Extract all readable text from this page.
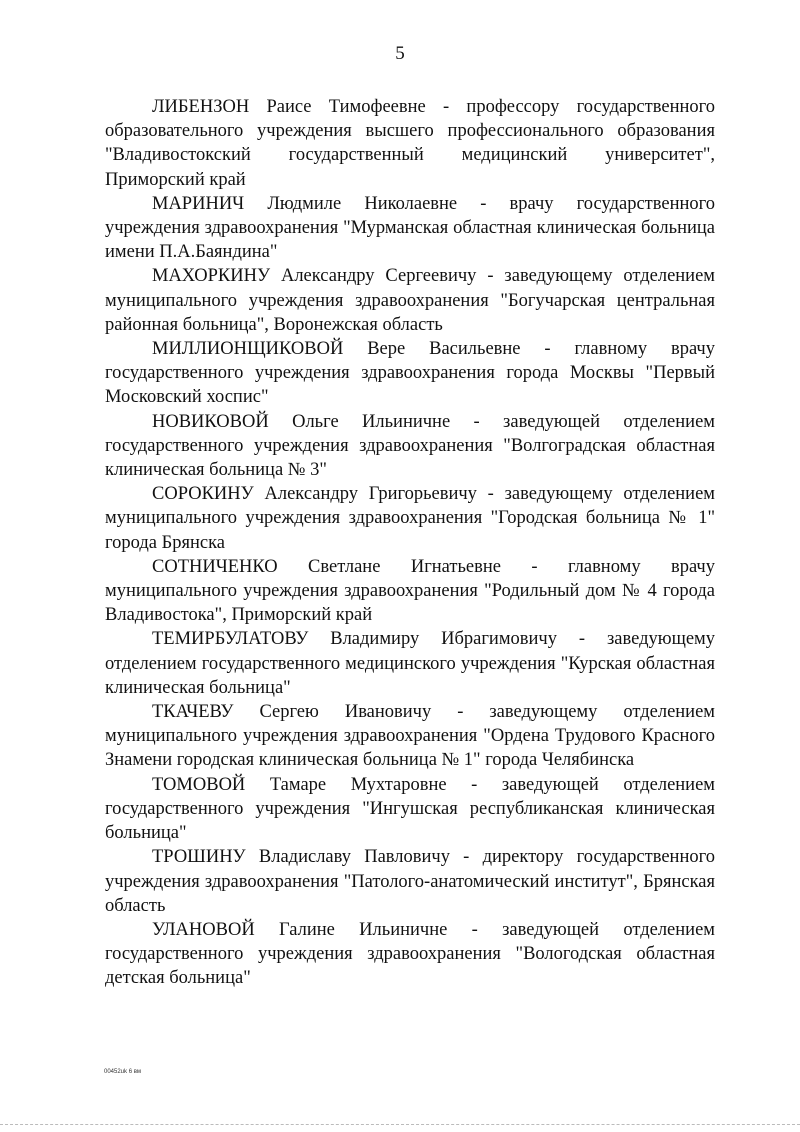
5

ЛИБЕНЗОН Раисе Тимофеевне - профессору государственного образовательного учреждения высшего профессионального образования "Владивостокский государственный медицинский университет", Приморский край

МАРИНИЧ Людмиле Николаевне - врачу государственного учреждения здравоохранения "Мурманская областная клиническая больница имени П.А.Баяндина"

МАХОРКИНУ Александру Сергеевичу - заведующему отделением муниципального учреждения здравоохранения "Богучарская центральная районная больница", Воронежская область

МИЛЛИОНЩИКОВОЙ Вере Васильевне - главному врачу государственного учреждения здравоохранения города Москвы "Первый Московский хоспис"

НОВИКОВОЙ Ольге Ильиничне - заведующей отделением государственного учреждения здравоохранения "Волгоградская областная клиническая больница № 3"

СОРОКИНУ Александру Григорьевичу - заведующему отделением муниципального учреждения здравоохранения "Городская больница № 1" города Брянска

СОТНИЧЕНКО Светлане Игнатьевне - главному врачу муниципального учреждения здравоохранения "Родильный дом № 4 города Владивостока", Приморский край

ТЕМИРБУЛАТОВУ Владимиру Ибрагимовичу - заведующему отделением государственного медицинского учреждения "Курская областная клиническая больница"

ТКАЧЕВУ Сергею Ивановичу - заведующему отделением муниципального учреждения здравоохранения "Ордена Трудового Красного Знамени городская клиническая больница № 1" города Челябинска

ТОМОВОЙ Тамаре Мухтаровне - заведующей отделением государственного учреждения "Ингушская республиканская клиническая больница"

ТРОШИНУ Владиславу Павловичу - директору государственного учреждения здравоохранения "Патолого-анатомический институт", Брянская область

УЛАНОВОЙ Галине Ильиничне - заведующей отделением государственного учреждения здравоохранения "Вологодская областная детская больница"

00452uk 6 вм
